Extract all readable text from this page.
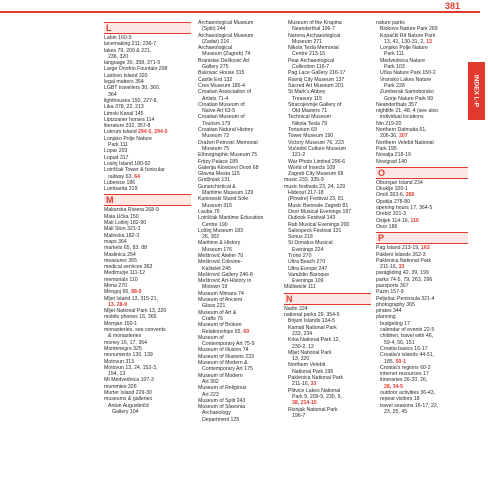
381
L
Labin 160-3
lacemaking 211, 236-7
lakes 79, 209 & 221,
236, 320
language 30, 358, 371-5
Large Onofrio Fountain 298
Lastovo Island 320
legal matters 364
LGBT travellers 30, 360,
364
lighthouses 150, 227-8,
Lika 378, 22, 213
Limski Kanal 145
Lipizzaner horses 114
literature 332, 357-8
Lokrum Island 294-5, 294-5
Lonjsko Polje Nature
Park 111
Lopar 203
Lopud 317
Losinj Island 180-92
Lotrščak Tower & funicular
railway 63, 64
Lubenice 186
Lumbarda 319
M
Makarska Riviera 268-9
Mala Učka 150
Mali Lošinj 182-90
Mali Ston 321-3
Malinska 182-3
maps 364
markets 65, 83, 88
Maslinica 254
measures 365
medical services 363
Medimurje 111-12
memorials 110
Mirna 270
Mirogoj 65, 88-9
Mljet Island 13, 315-21,
13, 28-9
Mljet National Park 13, 320
mobile phones 16, 365
Momjan 150-1
monasteries, see convents
& monasteries
money 16, 17, 364
Montenegro 325
monuments 130, 139
Motovun 313
Motovun 13, 24, 152-3,
154, 13
Mt Medvednica 107-3
mummies 326
Murter Island 229-30
museums & galleries
Antun Augustinčić
Gallery 104
Archaeological Museum
(Split) 244
Archaeological Museum
(Zadar) 216
Archaeological
Museum (Zagreb) 74
Branislav Dešković Art
Gallery 275
Bukovac House 315
Castle Erd 132
Cres Museum 185-4
Croatian Association of
Artists 71-4
Croatian Museum of
Naïve Art 63-5
Croatian Museum of
Tourism 179
Croatian Natural History
Museum 72
Dražen Petrović Memorial
Museum 75
Ethnographic Museum 75
Fritzy Palace 185
Galerija Klovićevi Dvori 68
Glavna Mesta 115
Gridžnjak 131
Gunarchisticai &
Maritime Museum 129
Kuniowski Stand Sole
Museum 315
Lauba 75
Lotrščak Maritime Education
Centre 190
Lošinj Museum 183
26, 302
Maritime & History
Museum 176
Meštrović Atelier 70
Meštrović Crikvine-
Kaštelet 245
Meštrović Gallery 246-8
Meštrović Art-History in
Motown 19
Museum Mimara 74
Museum of Ancient
Glass 221
Museum of Art &
Crafts 76
Museum of Broken
Relationships 65, 69
Museum of
Contemporary Art 75-9
Museum of Illusion 74
Museum of Illusions 233
Museum of Modern &
Contemporary Art 175
Museum of Modern
Art 302
Museum of Religious
Art 223
Museum of Split 243
Museum of Slavonia
Archaeology
Department 125
Museum of the Krapina
Neanderthal 106-7
Narona Archaeological
Museum 271
Nikola Tesla Memorial
Centre 213-15
Pear Archaeological
Collection 116-7
Pag Lace Gallery 216-17
Ravnij City Museum 137
Sacred Art Museum 201
St Mark's Abbey
Treasury 115
Stracojevnije Gallery of
Old Masters 71
Technical Museum
Nikola Tesla 79
Torturium 69
Tower Museum 190
Victory Museum 76, 223
Vučedol Culture Museum
121-2
War Photo Limited 296-6
World of Insects 109
Zagreb City Museum 68
music 233, 335-9
music festivals 23, 24, 129
Hideout 217-18
(Pinwire) Festival 23, 81
Music Biennale Zagreb 81
Osor Musical Evenings 187
Outlook Festival 143
Rab Musical Evenings 200
Salsopeck Festival 131
Sonus 218
St Donatus Musical
Evenings 224
Trono 270
Ultra Beach 270
Ultra Europe 247
Varaždin Baroque
Evenings 109
Múltiwiclé 111
N
Nadin 224
national parks 29, 354-5
Brijuni Islands 134-5
Kamati National Park
233, 234
Krka National Park 12,
230-2, 12
Mljet National Park
13, 320
Northern Velebit
National Park 195
Paklenica National Park
211-16, 33
Plitvice Lakes National
Park 9, 209-9, 230, 9,
38, 214-15
Risnjak National Park
196-7
nature parks
Biokovo Nature Park 269
Kopački Rit Nature Park
13, 41, 130-31, 2, 13
Lonjsko Polje Nature
Park 111
Medvednica Nature
Park 103
Učka Nature Park 150-2
Vransko Lakes Nature
Park 228
Žumberak Samoborsko
Gorje Nature Park 99
Neanderthals 357
nightlife 21, 48, 4 (see also
individual locations
Nin 219-20
Northern Dalmatia 61,
206-36, 207
Northern Velebit National
Park 195
Novalja 218-19
Novigrad 140
O
Oborojan Island 234
Okuklje 320-1
Omiš 263-6, 265
Opatija 278-80
opening hours 17, 364-5
Orebić 321-3
Osijek 114-16, 116
Osor 186
P
Pag Island 213-19, 163
Pakleni Islands 262-3
Paklenica National Park
211-16, 33
paragliding 42, 39, 199
parks 74-5, 79, 263, 296
passports 367
Pazin 157-9
Pelješac Peninsula 321-4
photography 365
pirates 344
planning
budgeting 17
calendar of events 22-5
children, travel with 46,
59-4, 56, 151
Croatia basics 16-17
Croatia's islands 44-51,
185, 50-1
Croatia's regions 60-2
internet resources 17
itineraries 26-33, 26,
28, 34-5
outdoor activities 36-43,
repeat visitors 18
travel seasons 16-17, 22,
23, 25, 45
INDEX L-P
